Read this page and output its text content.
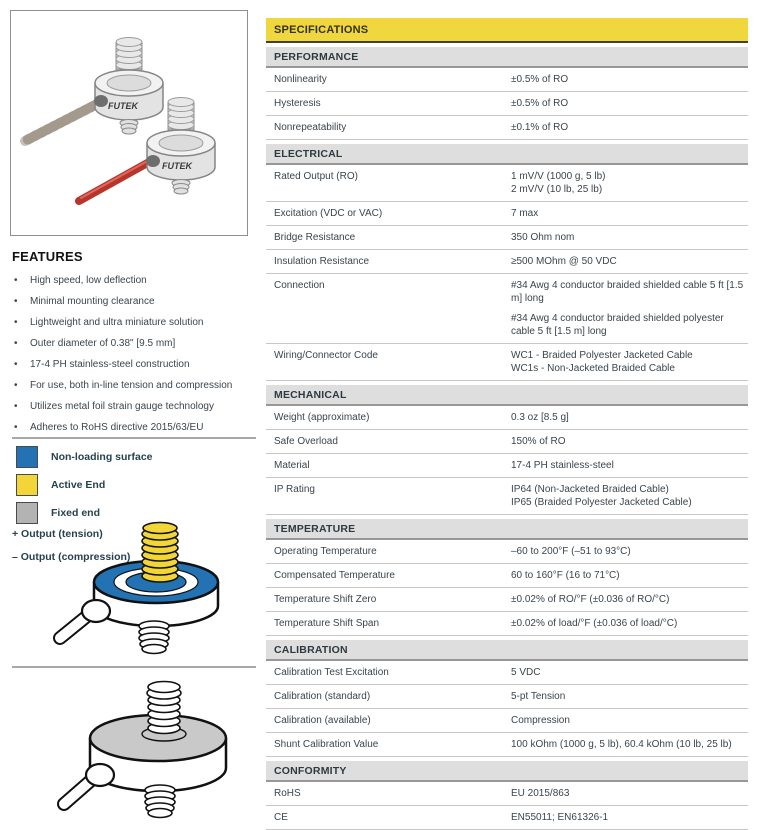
FUTEK
FUTEK
FEATURES
•	High speed, low deflection
•	Minimal mounting clearance
•	Lightweight and ultra miniature solution
•	Outer diameter of 0.38" [9.5 mm]
•	17-4 PH stainless-steel construction
•	For use, both in-line tension and compression
•	Utilizes metal foil strain gauge technology
•	Adheres to RoHS directive 2015/63/EU
Non-loading surface
Active End
Fixed end
+ Output (tension)
– Output (compression)
SPECIFICATIONS
PERFORMANCE
Nonlinearity	±0.5% of RO
Hysteresis	±0.5% of RO
Nonrepeatability	±0.1% of RO
ELECTRICAL
Rated Output (RO)	1 mV/V (1000 g, 5 lb)
2 mV/V (10 lb, 25 lb)
Excitation (VDC or VAC)	7 max
Bridge Resistance	350 Ohm nom
Insulation Resistance	≥500 MOhm @ 50 VDC
Connection	#34 Awg 4 conductor braided shielded cable 5 ft [1.5 m] long
#34 Awg 4 conductor braided shielded polyester cable 5 ft [1.5 m] long
Wiring/Connector Code	WC1 - Braided Polyester Jacketed Cable
WC1s - Non-Jacketed Braided Cable
MECHANICAL
Weight (approximate)	0.3 oz [8.5 g]
Safe Overload	150% of RO
Material	17-4 PH stainless-steel
IP Rating	IP64 (Non-Jacketed Braided Cable)
IP65 (Braided Polyester Jacketed Cable)
TEMPERATURE
Operating Temperature	–60 to 200°F (–51 to 93°C)
Compensated Temperature	60 to 160°F (16 to 71°C)
Temperature Shift Zero	±0.02% of RO/°F (±0.036 of RO/°C)
Temperature Shift Span	±0.02% of load/°F (±0.036 of load/°C)
CALIBRATION
Calibration Test Excitation	5 VDC
Calibration (standard)	5-pt Tension
Calibration (available)	Compression
Shunt Calibration Value	100 kOhm (1000 g, 5 lb), 60.4 kOhm (10 lb, 25 lb)
CONFORMITY
RoHS	EU 2015/863
CE	EN55011; EN61326-1
